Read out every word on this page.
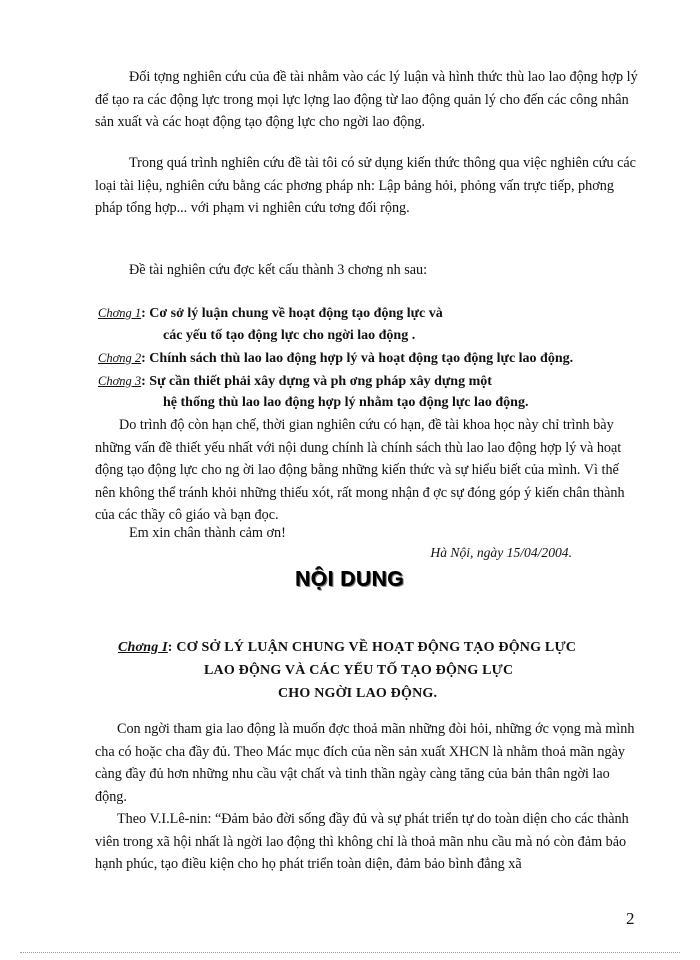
Đối tợng nghiên cứu của đề tài nhằm vào các lý luận và hình thức thù lao lao động hợp lý để tạo ra các động lực trong mọi lực lợng lao động từ lao động quản lý cho đến các công nhân sản xuất và các hoạt động tạo động lực cho ngời lao động.

Trong quá trình nghiên cứu đề tài tôi có sử dụng kiến thức thông qua việc nghiên cứu các loại tài liệu, nghiên cứu bằng các phơng pháp nh: Lập bảng hỏi, phỏng vấn trực tiếp, phơng pháp tổng hợp... với phạm vi nghiên cứu tơng đối rộng.

Đề tài nghiên cứu đợc kết cấu thành 3 chơng nh sau:

Chơng 1: Cơ sở lý luận chung về hoạt động tạo động lực và
các yếu tố tạo động lực cho ngời lao động .
Chơng 2: Chính sách thù lao lao động hợp lý và hoạt động tạo động lực lao động.
Chơng 3: Sự cần thiết phải xây dựng và ph ơng pháp xây dựng một
hệ thống thù lao lao động hợp lý nhằm tạo động lực lao động.

Do trình độ còn hạn chế, thời gian nghiên cứu có hạn, đề tài khoa học này chỉ trình bày những vấn đề thiết yếu nhất với nội dung chính là chính sách thù lao lao động hợp lý và hoạt động tạo động lực cho ng ời lao động bằng những kiến thức và sự hiểu biết của mình. Vì thế nên không thể tránh khỏi những thiếu xót, rất mong nhận đ ợc sự đóng góp ý kiến chân thành của các thầy cô giáo và bạn đọc.

Em xin chân thành cảm ơn!

Hà Nội, ngày 15/04/2004.

NỘI DUNG
Chơng I: CƠ SỞ LÝ LUẬN CHUNG VỀ HOẠT ĐỘNG TẠO ĐỘNG LỰC
LAO ĐỘNG VÀ CÁC YẾU TỐ TẠO ĐỘNG LỰC
CHO NGỜI LAO ĐỘNG.

Con ngời tham gia lao động là muốn đợc thoả mãn những đòi hỏi, những ớc vọng mà mình cha có hoặc cha đầy đủ. Theo Mác mục đích của nền sản xuất XHCN là nhằm thoả mãn ngày càng đầy đủ hơn những nhu cầu vật chất và tinh thần ngày càng tăng của bản thân ngời lao động.

Theo V.I.Lê-nin: “Đảm bảo đời sống đầy đủ và sự phát triển tự do toàn diện cho các thành viên trong xã hội nhất là ngời lao động thì không chỉ là thoả mãn nhu cầu mà nó còn đảm bảo hạnh phúc, tạo điều kiện cho họ phát triển toàn diện, đảm bảo bình đẳng xã

2
